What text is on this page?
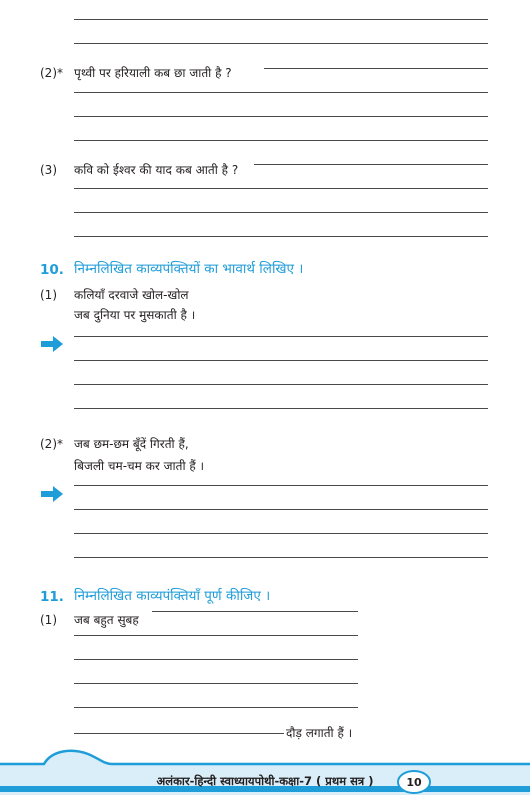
(2)* पृथ्वी पर हरियाली कब छा जाती है ?
(3) कवि को ईश्वर की याद कब आती है ?
10. निम्नलिखित काव्यपंक्तियों का भावार्थ लिखिए ।
(1) कलियाँ दरवाजे खोल-खोल
जब दुनिया पर मुसकाती है ।
(2)* जब छम-छम बूँदें गिरती हैं,
बिजली चम-चम कर जाती हैं ।
11. निम्नलिखित काव्यपंक्तियाँ पूर्ण कीजिए ।
(1) जब बहुत सुबह
दौड़ लगाती हैं ।
अलंकार-हिन्दी स्वाध्यायपोथी-कक्षा-7 ( प्रथम सत्र )	10
